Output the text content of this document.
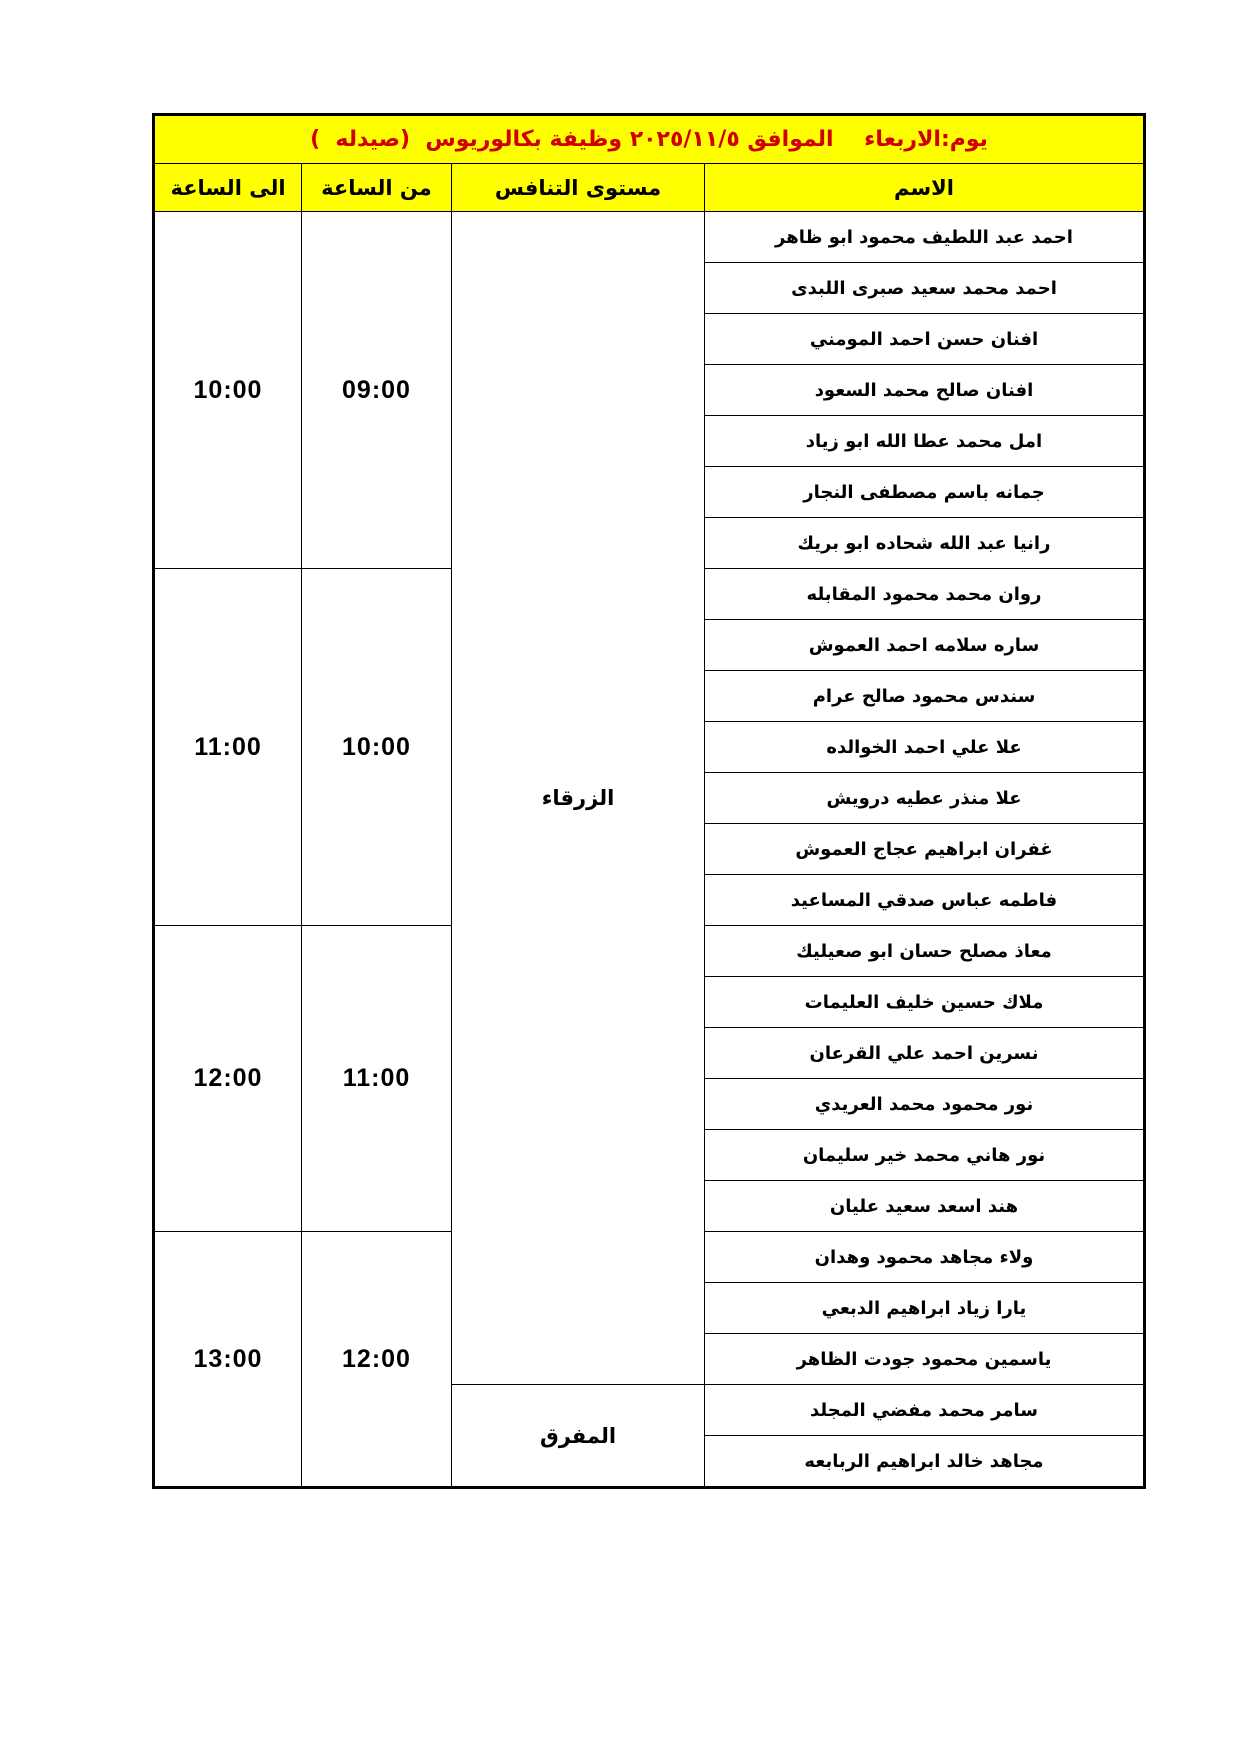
يوم:الاربعاء    الموافق ٢٠٢٥/١١/٥ وظيفة بكالوريوس  (صيدله  )			
الاسم	مستوى التنافس	من الساعة	الى الساعة
احمد عبد اللطيف محمود ابو ظاهر	الزرقاء	09:00	10:00
احمد محمد سعيد صبرى اللبدى			
افنان حسن احمد المومني			
افنان صالح محمد السعود			
امل محمد عطا الله ابو زياد			
جمانه باسم مصطفى النجار			
رانيا عبد الله شحاده ابو بريك			
روان محمد محمود المقابله		10:00	11:00
ساره سلامه احمد العموش			
سندس محمود صالح عرام			
علا علي احمد الخوالده			
علا منذر عطيه درويش			
غفران ابراهيم عجاج العموش			
فاطمه عباس صدقي المساعيد			
معاذ مصلح حسان ابو صعيليك		11:00	12:00
ملاك حسين خليف العليمات			
نسرين احمد علي القرعان			
نور محمود محمد العريدي			
نور هاني محمد خير سليمان			
هند اسعد سعيد عليان			
ولاء مجاهد محمود وهدان		12:00	13:00
يارا زياد ابراهيم الدبعي			
ياسمين محمود جودت الظاهر			
سامر محمد مفضي المجلد	المفرق		
مجاهد خالد ابراهيم الربابعه			
